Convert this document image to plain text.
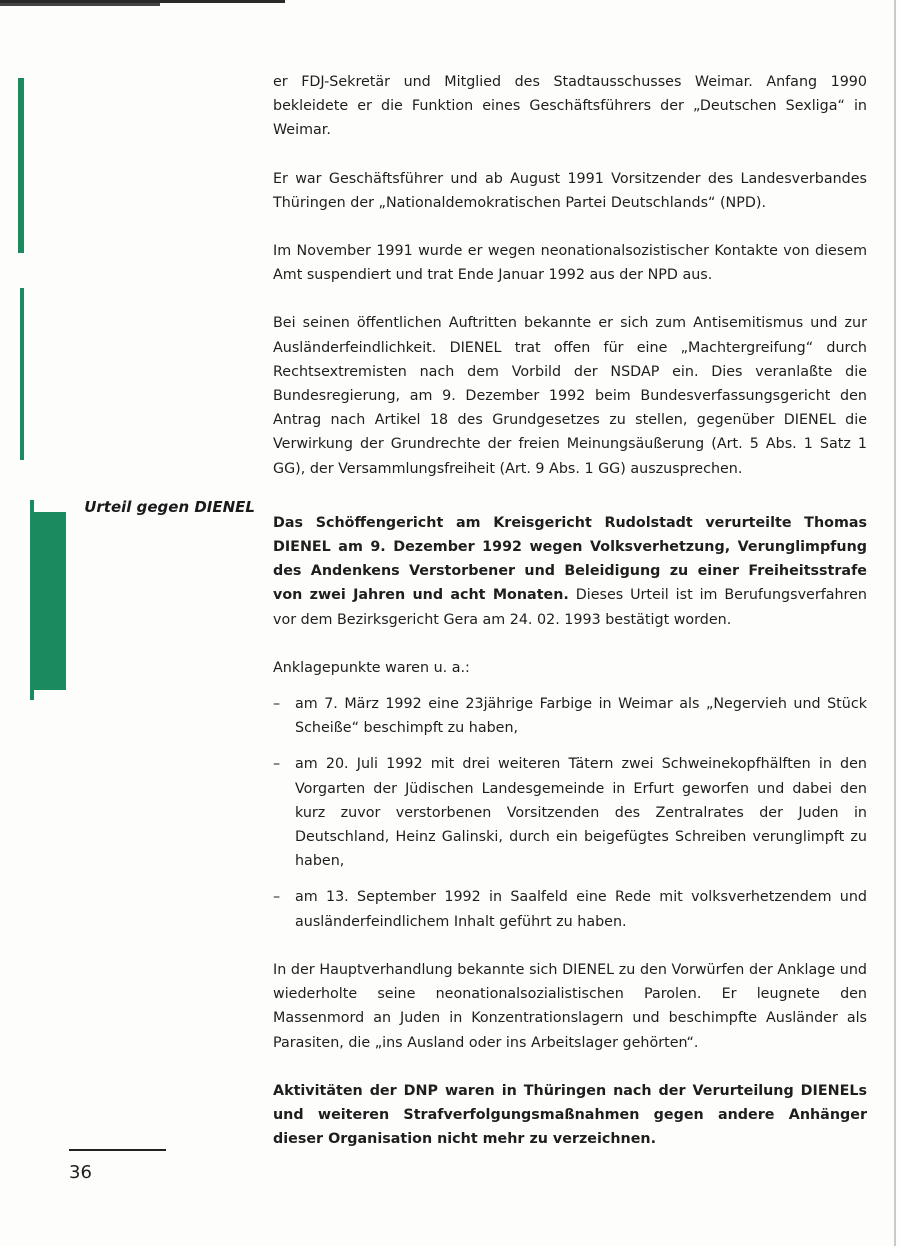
Urteil gegen DIENEL

er FDJ-Sekretär und Mitglied des Stadtausschusses Weimar. Anfang 1990 bekleidete er die Funktion eines Geschäftsführers der „Deutschen Sexliga“ in Weimar.

Er war Geschäftsführer und ab August 1991 Vorsitzender des Landesverbandes Thüringen der „Nationaldemokratischen Partei Deutschlands“ (NPD).

Im November 1991 wurde er wegen neonationalsozistischer Kontakte von diesem Amt suspendiert und trat Ende Januar 1992 aus der NPD aus.

Bei seinen öffentlichen Auftritten bekannte er sich zum Antisemitismus und zur Ausländerfeindlichkeit. DIENEL trat offen für eine „Machtergreifung“ durch Rechtsextremisten nach dem Vorbild der NSDAP ein. Dies veranlaßte die Bundesregierung, am 9. Dezember 1992 beim Bundesverfassungsgericht den Antrag nach Artikel 18 des Grundgesetzes zu stellen, gegenüber DIENEL die Verwirkung der Grundrechte der freien Meinungsäußerung (Art. 5 Abs. 1 Satz 1 GG), der Versammlungsfreiheit (Art. 9 Abs. 1 GG) auszusprechen.

Das Schöffengericht am Kreisgericht Rudolstadt verurteilte Thomas DIENEL am 9. Dezember 1992 wegen Volksverhetzung, Verunglimpfung des Andenkens Verstorbener und Beleidigung zu einer Freiheitsstrafe von zwei Jahren und acht Monaten. Dieses Urteil ist im Berufungsverfahren vor dem Bezirksgericht Gera am 24. 02. 1993 bestätigt worden.

Anklagepunkte waren u. a.:

– am 7. März 1992 eine 23jährige Farbige in Weimar als „Negervieh und Stück Scheiße“ beschimpft zu haben,
– am 20. Juli 1992 mit drei weiteren Tätern zwei Schweinekopfhälften in den Vorgarten der Jüdischen Landesgemeinde in Erfurt geworfen und dabei den kurz zuvor verstorbenen Vorsitzenden des Zentralrates der Juden in Deutschland, Heinz Galinski, durch ein beigefügtes Schreiben verunglimpft zu haben,
– am 13. September 1992 in Saalfeld eine Rede mit volksverhetzendem und ausländerfeindlichem Inhalt geführt zu haben.

In der Hauptverhandlung bekannte sich DIENEL zu den Vorwürfen der Anklage und wiederholte seine neonationalsozialistischen Parolen. Er leugnete den Massenmord an Juden in Konzentrationslagern und beschimpfte Ausländer als Parasiten, die „ins Ausland oder ins Arbeitslager gehörten“.

Aktivitäten der DNP waren in Thüringen nach der Verurteilung DIENELs und weiteren Strafverfolgungsmaßnahmen gegen andere Anhänger dieser Organisation nicht mehr zu verzeichnen.

36
